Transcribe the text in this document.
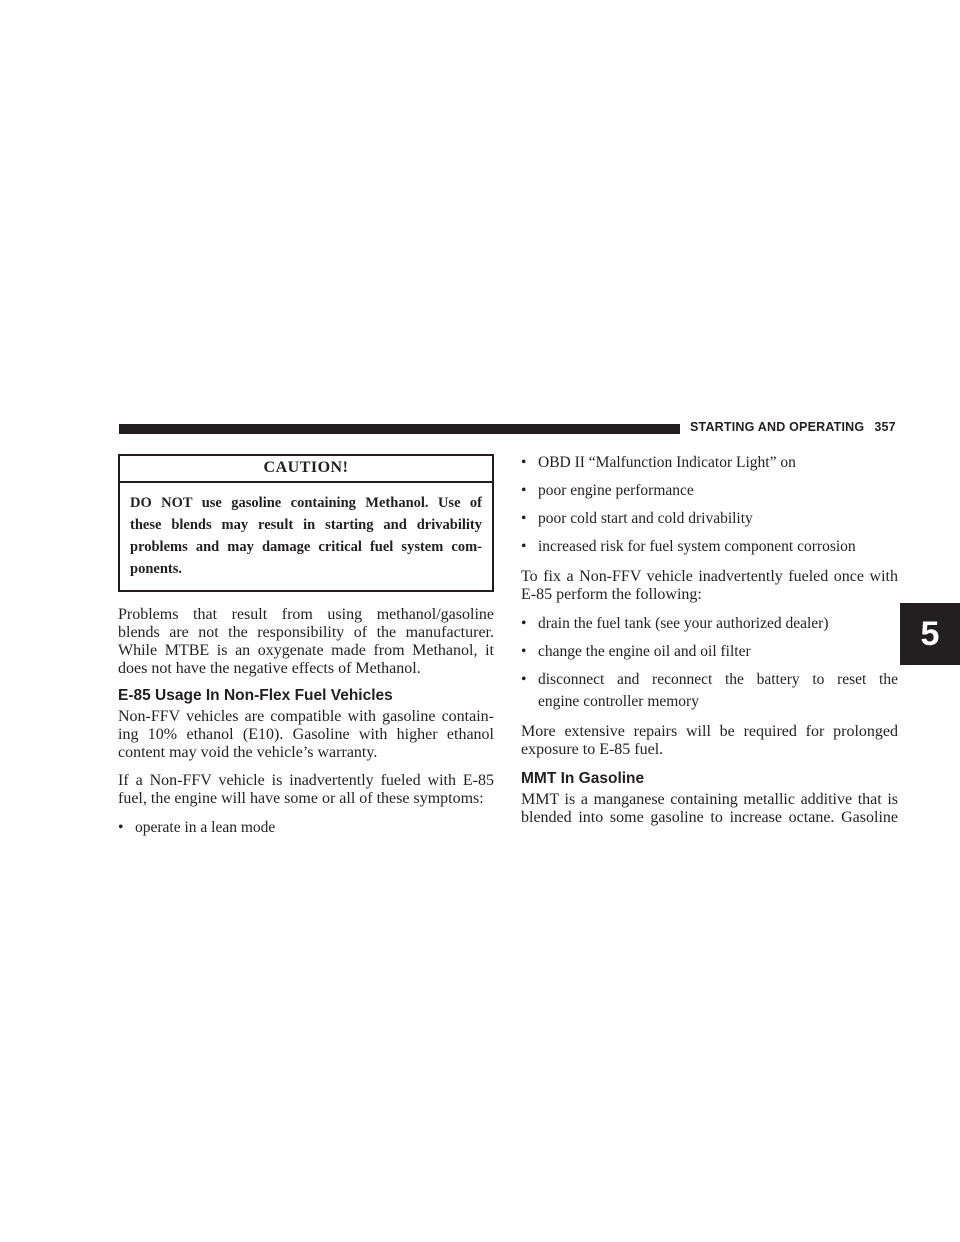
STARTING AND OPERATING 357
5
CAUTION!
DO NOT use gasoline containing Methanol. Use of
these blends may result in starting and drivability
problems and may damage critical fuel system com-
ponents.
Problems that result from using methanol/gasoline
blends are not the responsibility of the manufacturer.
While MTBE is an oxygenate made from Methanol, it
does not have the negative effects of Methanol.
E-85 Usage In Non-Flex Fuel Vehicles
Non-FFV vehicles are compatible with gasoline contain-
ing 10% ethanol (E10). Gasoline with higher ethanol
content may void the vehicle’s warranty.
If a Non-FFV vehicle is inadvertently fueled with E-85
fuel, the engine will have some or all of these symptoms:
• operate in a lean mode
• OBD II “Malfunction Indicator Light” on
• poor engine performance
• poor cold start and cold drivability
• increased risk for fuel system component corrosion
To fix a Non-FFV vehicle inadvertently fueled once with
E-85 perform the following:
• drain the fuel tank (see your authorized dealer)
• change the engine oil and oil filter
• disconnect and reconnect the battery to reset the
engine controller memory
More extensive repairs will be required for prolonged
exposure to E-85 fuel.
MMT In Gasoline
MMT is a manganese containing metallic additive that is
blended into some gasoline to increase octane. Gasoline
